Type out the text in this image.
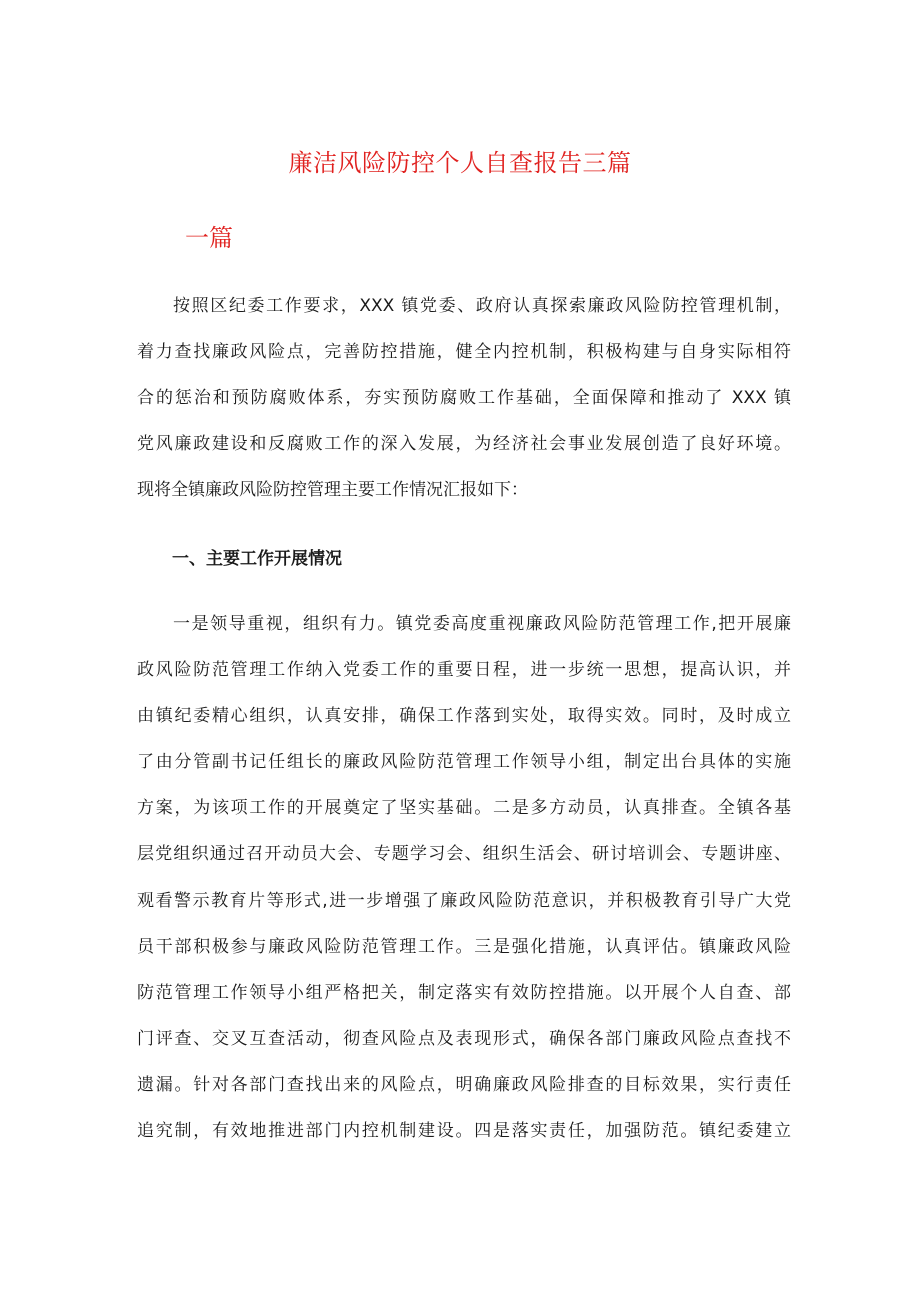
廉洁风险防控个人自查报告三篇
一篇
按照区纪委工作要求，XXX 镇党委、政府认真探索廉政风险防控管理机制，
着力查找廉政风险点，完善防控措施，健全内控机制，积极构建与自身实际相符
合的惩治和预防腐败体系，夯实预防腐败工作基础，全面保障和推动了 XXX 镇
党风廉政建设和反腐败工作的深入发展，为经济社会事业发展创造了良好环境。
现将全镇廉政风险防控管理主要工作情况汇报如下：
一、主要工作开展情况
一是领导重视，组织有力。镇党委高度重视廉政风险防范管理工作,把开展廉
政风险防范管理工作纳入党委工作的重要日程，进一步统一思想，提高认识，并
由镇纪委精心组织，认真安排，确保工作落到实处，取得实效。同时，及时成立
了由分管副书记任组长的廉政风险防范管理工作领导小组，制定出台具体的实施
方案，为该项工作的开展奠定了坚实基础。二是多方动员，认真排查。全镇各基
层党组织通过召开动员大会、专题学习会、组织生活会、研讨培训会、专题讲座、
观看警示教育片等形式,进一步增强了廉政风险防范意识，并积极教育引导广大党
员干部积极参与廉政风险防范管理工作。三是强化措施，认真评估。镇廉政风险
防范管理工作领导小组严格把关，制定落实有效防控措施。以开展个人自查、部
门评查、交叉互查活动，彻查风险点及表现形式，确保各部门廉政风险点查找不
遗漏。针对各部门查找出来的风险点，明确廉政风险排查的目标效果，实行责任
追究制，有效地推进部门内控机制建设。四是落实责任，加强防范。镇纪委建立
